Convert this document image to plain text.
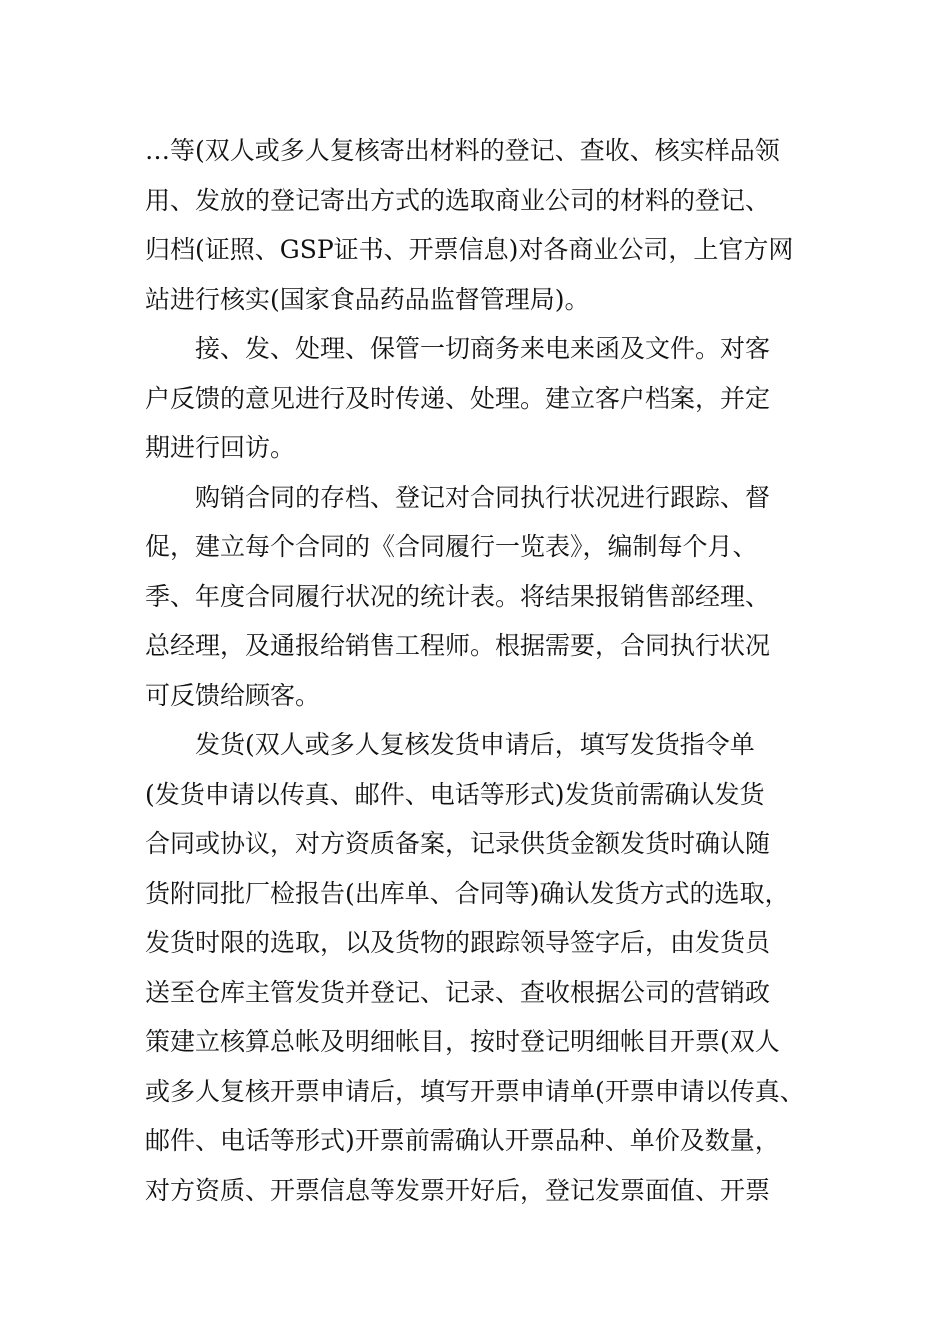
…等(双人或多人复核寄出材料的登记、查收、核实样品领
用、发放的登记寄出方式的选取商业公司的材料的登记、
归档(证照、GSP证书、开票信息)对各商业公司，上官方网
站进行核实(国家食品药品监督管理局)。
接、发、处理、保管一切商务来电来函及文件。对客
户反馈的意见进行及时传递、处理。建立客户档案，并定
期进行回访。
购销合同的存档、登记对合同执行状况进行跟踪、督
促，建立每个合同的《合同履行一览表》，编制每个月、
季、年度合同履行状况的统计表。将结果报销售部经理、
总经理，及通报给销售工程师。根据需要，合同执行状况
可反馈给顾客。
发货(双人或多人复核发货申请后，填写发货指令单
(发货申请以传真、邮件、电话等形式)发货前需确认发货
合同或协议，对方资质备案，记录供货金额发货时确认随
货附同批厂检报告(出库单、合同等)确认发货方式的选取，
发货时限的选取，以及货物的跟踪领导签字后，由发货员
送至仓库主管发货并登记、记录、查收根据公司的营销政
策建立核算总帐及明细帐目，按时登记明细帐目开票(双人
或多人复核开票申请后，填写开票申请单(开票申请以传真、
邮件、电话等形式)开票前需确认开票品种、单价及数量，
对方资质、开票信息等发票开好后，登记发票面值、开票
